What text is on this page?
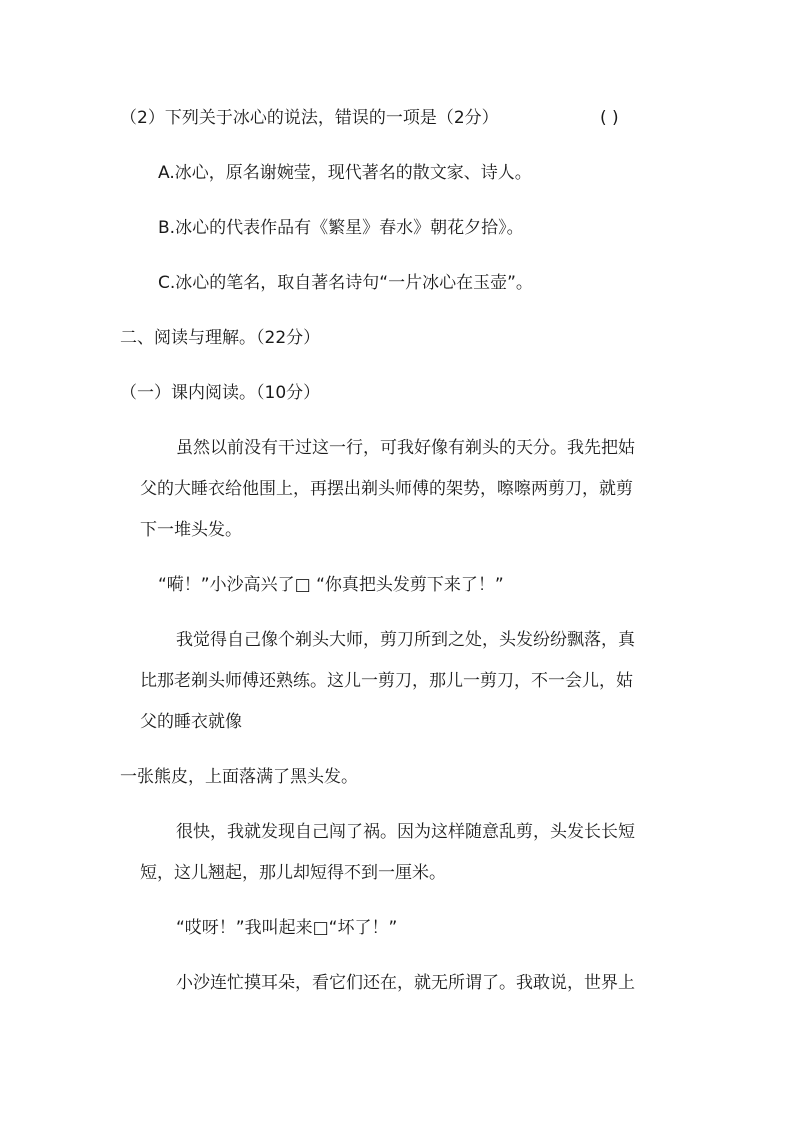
（2）下列关于冰心的说法，错误的一项是（2分）	( )
A.冰心，原名谢婉莹，现代著名的散文家、诗人。
B.冰心的代表作品有《繁星》春水》朝花夕拾》。
C.冰心的笔名，取自著名诗句“一片冰心在玉壶”。
二、阅读与理解。（22分）
（一）课内阅读。（10分）
虽然以前没有干过这一行，可我好像有剃头的天分。我先把姑
父的大睡衣给他围上，再摆出剃头师傅的架势，嚓嚓两剪刀，就剪
下一堆头发。
“嗬！”小沙高兴了□ “你真把头发剪下来了！”
我觉得自己像个剃头大师，剪刀所到之处，头发纷纷飘落，真
比那老剃头师傅还熟练。这儿一剪刀，那儿一剪刀，不一会儿，姑
父的睡衣就像
一张熊皮，上面落满了黑头发。
很快，我就发现自己闯了祸。因为这样随意乱剪，头发长长短
短，这儿翘起，那儿却短得不到一厘米。
“哎呀！”我叫起来□“坏了！”
小沙连忙摸耳朵，看它们还在，就无所谓了。我敢说，世界上
